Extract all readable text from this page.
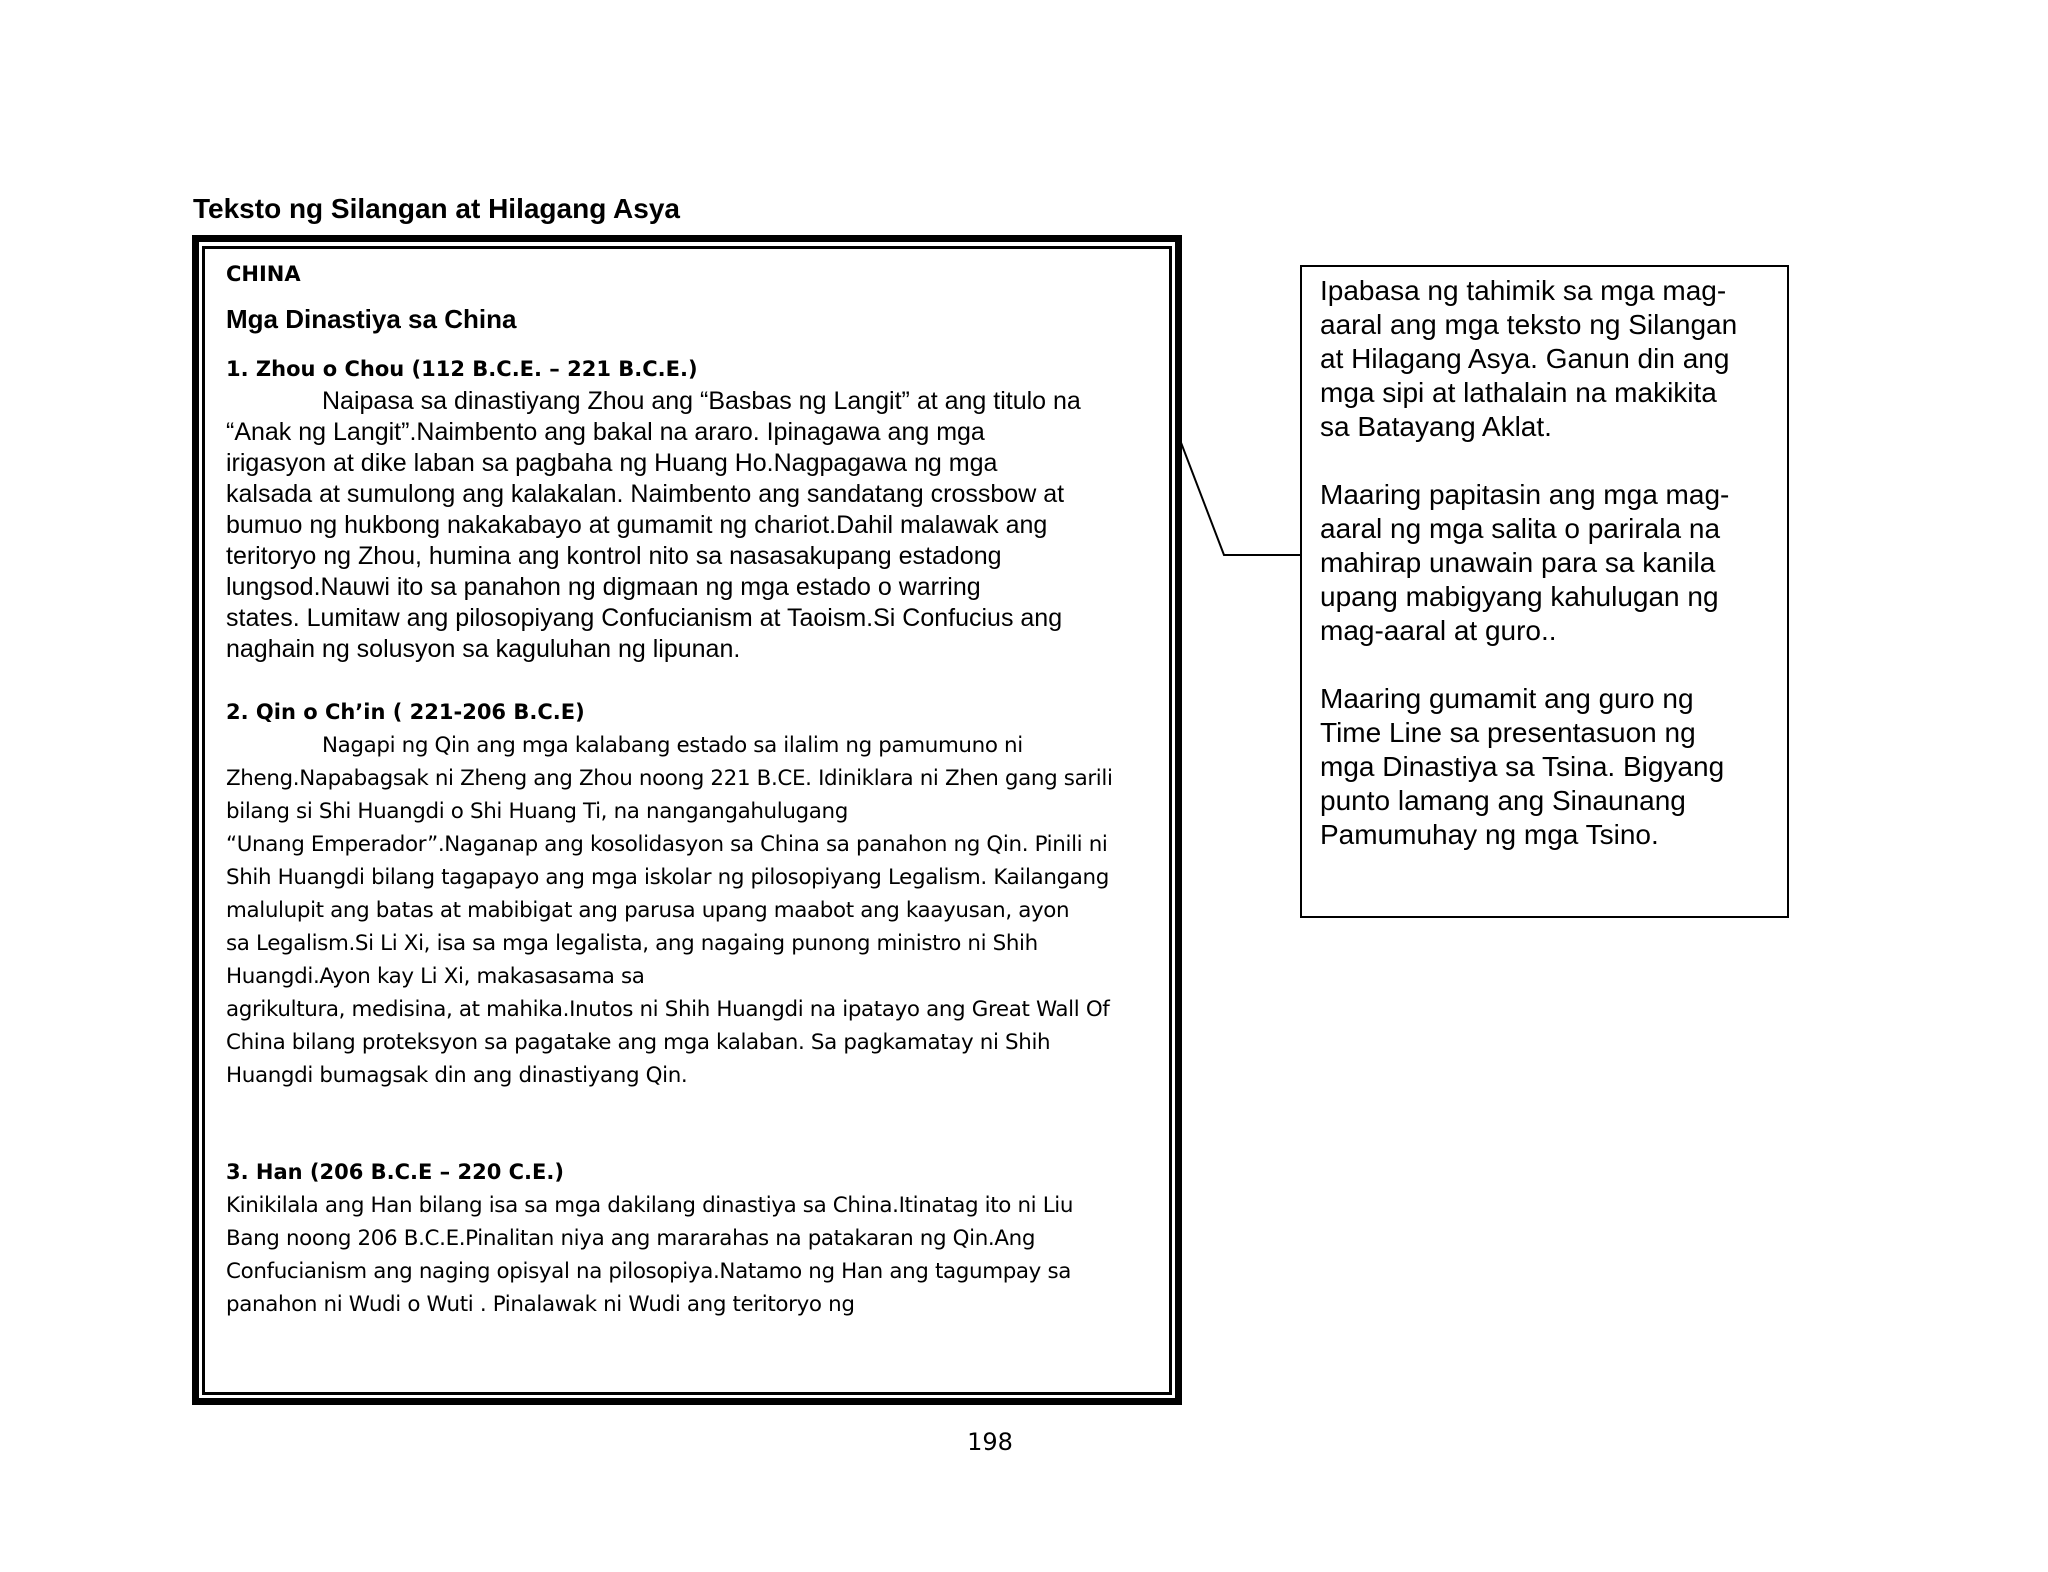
Teksto ng Silangan at Hilagang Asya
CHINA
Mga Dinastiya sa China
1. Zhou o Chou (112 B.C.E. – 221 B.C.E.)
Naipasa sa dinastiyang Zhou ang “Basbas ng Langit” at ang titulo na
“Anak ng Langit”.Naimbento ang bakal na araro. Ipinagawa ang mga
irigasyon at dike laban sa pagbaha ng Huang Ho.Nagpagawa ng mga
kalsada at sumulong ang kalakalan. Naimbento ang sandatang crossbow at
bumuo ng hukbong nakakabayo at gumamit ng chariot.Dahil malawak ang
teritoryo ng Zhou, humina ang kontrol nito sa nasasakupang estadong
lungsod.Nauwi ito sa panahon ng digmaan ng mga estado o warring
states. Lumitaw ang pilosopiyang Confucianism at Taoism.Si Confucius ang
naghain ng solusyon sa kaguluhan ng lipunan.
2. Qin o Ch’in ( 221-206 B.C.E)
Nagapi ng Qin ang mga kalabang estado sa ilalim ng pamumuno ni
Zheng.Napabagsak ni Zheng ang Zhou noong 221 B.CE. Idiniklara ni Zhen gang sarili
bilang si Shi Huangdi o Shi Huang Ti, na nangangahulugang
“Unang Emperador”.Naganap ang kosolidasyon sa China sa panahon ng Qin. Pinili ni
Shih Huangdi bilang tagapayo ang mga iskolar ng pilosopiyang Legalism. Kailangang
malulupit ang batas at mabibigat ang parusa upang maabot ang kaayusan, ayon
sa Legalism.Si Li Xi, isa sa mga legalista, ang nagaing punong ministro ni Shih
Huangdi.Ayon kay Li Xi, makasasama sa
agrikultura, medisina, at mahika.Inutos ni Shih Huangdi na ipatayo ang Great Wall Of
China bilang proteksyon sa pagatake ang mga kalaban. Sa pagkamatay ni Shih
Huangdi bumagsak din ang dinastiyang Qin.
3. Han (206 B.C.E – 220 C.E.)
Kinikilala ang Han bilang isa sa mga dakilang dinastiya sa China.Itinatag ito ni Liu
Bang noong 206 B.C.E.Pinalitan niya ang mararahas na patakaran ng Qin.Ang
Confucianism ang naging opisyal na pilosopiya.Natamo ng Han ang tagumpay sa
panahon ni Wudi o Wuti . Pinalawak ni Wudi ang teritoryo ng

Ipabasa ng tahimik sa mga mag-
aaral ang mga teksto ng Silangan
at Hilagang Asya. Ganun din ang
mga sipi at lathalain na makikita
sa Batayang Aklat.

Maaring papitasin ang mga mag-
aaral ng mga salita o parirala na
mahirap unawain para sa kanila
upang mabigyang kahulugan ng
mag-aaral at guro..

Maaring gumamit ang guro ng
Time Line sa presentasuon ng
mga Dinastiya sa Tsina. Bigyang
punto lamang ang Sinaunang
Pamumuhay ng mga Tsino.

198
